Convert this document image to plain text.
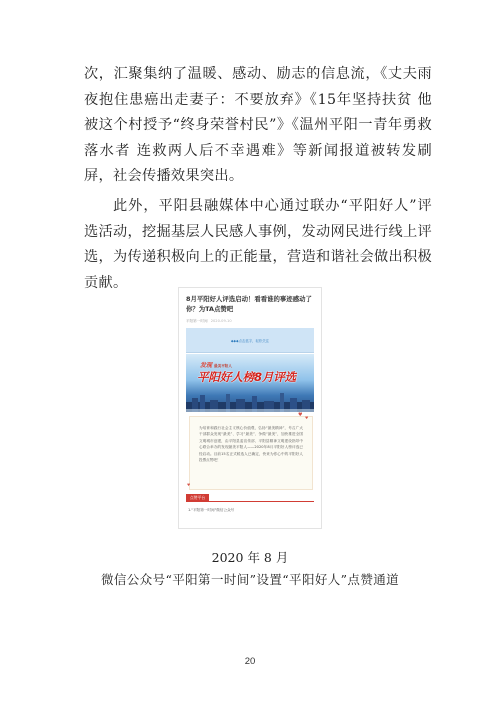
次，汇聚集纳了温暖、感动、励志的信息流，《丈夫雨夜抱住患癌出走妻子：不要放弃》《15年坚持扶贫 他被这个村授予“终身荣誉村民”》《温州平阳一青年勇救落水者 连救两人后不幸遇难》等新闻报道被转发刷屏，社会传播效果突出。

此外，平阳县融媒体中心通过联办“平阳好人”评选活动，挖掘基层人民感人事例，发动网民进行线上评选，为传递积极向上的正能量，营造和谐社会做出积极贡献。

8月平阳好人评选启动！看看谁的事迹感动了你？为TA点赞吧

平阳第一时间 2020-09-10
◆◆◆点击蓝字，轻松关注
发现 最美平阳人
平阳好人榜8月评选
♥ ♥
♥

为培育和践行社会主义核心价值观，弘扬“最美精神”，号召广大干部群众发现“最美”、学习“最美”、争做“最美”，加快推进全国文明城市创建，由平阳县委宣传部、平阳县精神文明建设指导中心联合举办的发现最美平阳人——2020年8月平阳好人榜评选已经启动。目前15名正式候选人已确定，快来为你心中的平阳好人投票点赞吧！

点赞平台
1."平阳第一时间"微信公众号

2020 年 8 月

微信公众号“平阳第一时间”设置“平阳好人”点赞通道

20
